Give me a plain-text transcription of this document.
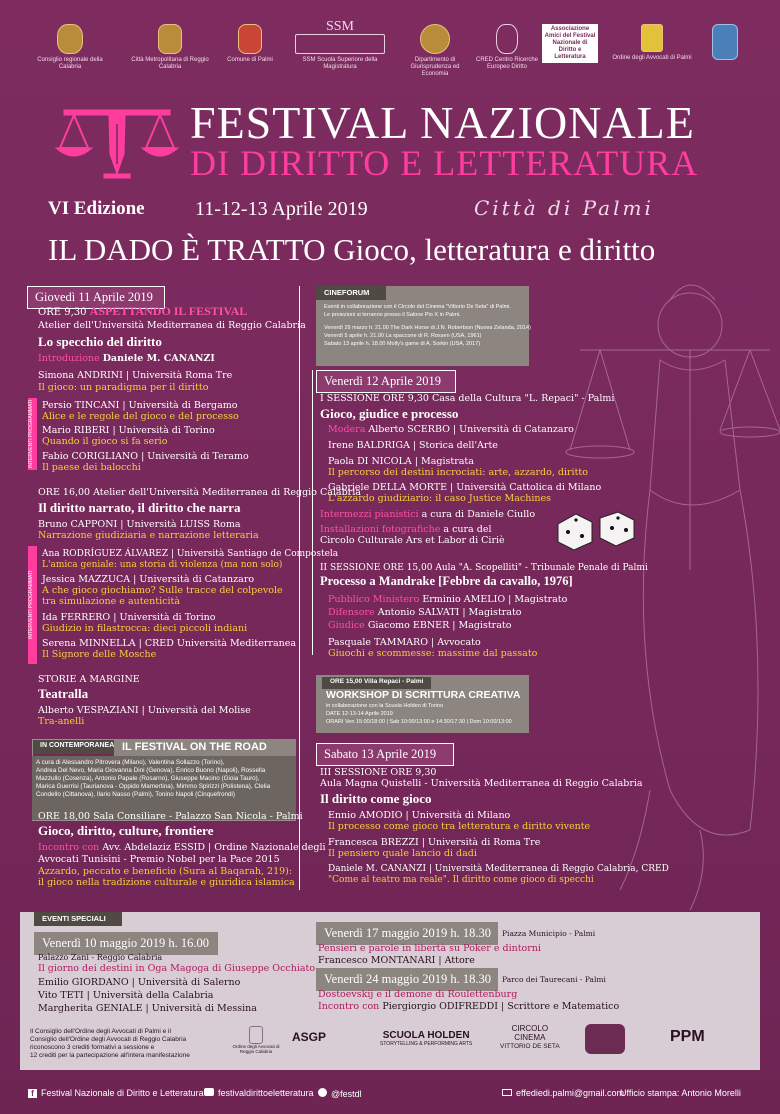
Consiglio regionale della Calabria
Città Metropolitana di Reggio Calabria
Comune di Palmi
SSM
SSM Scuola Superiore della Magistratura
Dipartimento di Giurisprudenza ed Economia
CRED Centro Ricerche Europeo Diritto
Associazione Amici del Festival Nazionale di Diritto e Letteratura	Ordine degli Avvocati di Palmi
FESTIVAL NAZIONALE
DI DIRITTO E LETTERATURA
VI Edizione	11-12-13 Aprile 2019	Città di Palmi
IL DADO È TRATTO Gioco, letteratura e diritto
Giovedì 11 Aprile 2019
ORE 9,30 ASPETTANDO IL FESTIVAL
Atelier dell'Università Mediterranea di Reggio Calabria
Lo specchio del diritto
Introduzione Daniele M. CANANZI
Simona ANDRINI | Università Roma Tre
Il gioco: un paradigma per il diritto
INTERVENTI PROGRAMMATI Persio TINCANI | Università di Bergamo
Alice e le regole del gioco e del processo
Mario RIBERI | Università di Torino
Quando il gioco si fa serio
Fabio CORIGLIANO | Università di Teramo
Il paese dei balocchi
ORE 16,00 Atelier dell'Università Mediterranea di Reggio Calabria
Il diritto narrato, il diritto che narra
Bruno CAPPONI | Università LUISS Roma
Narrazione giudiziaria e narrazione letteraria
INTERVENTI PROGRAMMATI
Ana RODRÍGUEZ ÁLVAREZ | Università Santiago de Compostela
L'amica geniale: una storia di violenza (ma non solo)
Jessica MAZZUCA | Università di Catanzaro
A che gioco giochiamo? Sulle tracce del colpevole
tra simulazione e autenticità
Ida FERRERO | Università di Torino
Giudizio in filastrocca: dieci piccoli indiani
Serena MINNELLA | CRED Università Mediterranea
Il Signore delle Mosche
STORIE A MARGINE
Teatralla
Alberto VESPAZIANI | Università del Molise
Tra-anelli
IN CONTEMPORANEA IL FESTIVAL ON THE ROAD
A cura di Alessandro Pitrovera (Milano), Valentina Sollazzo (Torino),
Andrea Del Nevo, Maria Giovanna Dini (Genova), Enrico Buono (Napoli), Rossella
Mazzullo (Cosenza), Antonio Papale (Rosarno), Giuseppe Macino (Gioia Tauro),
Marica Guerrisi (Taurianova - Oppido Mamertina), Mimmo Spirizzi (Polistena), Clelia
Condello (Cittanova), Ilario Nasso (Palmi), Tonino Napoli (Cinquefrondi)
ORE 18,00 Sala Consiliare - Palazzo San Nicola - Palmi
Gioco, diritto, culture, frontiere
Incontro con Avv. Abdelaziz ESSID | Ordine Nazionale degli
Avvocati Tunisini - Premio Nobel per la Pace 2015
Azzardo, peccato e beneficio (Sura al Baqarah, 219):
il gioco nella tradizione culturale e giuridica islamica
CINEFORUM
Eventi in collaborazione con il Circolo del Cinema "Vittorio De Seta" di Palmi.
Le proiezioni si terranno presso il Salone Pio X in Palmi.
Venerdì 29 marzo h. 21.00 The Dark Horse di J.N. Robertson (Nuova Zelanda, 2014)
Venerdì 5 aprile h. 21.00 La spaccone di R. Rossen (USA, 1961)
Sabato 13 aprile h. 18.00 Molly's game di A. Sorkin (USA, 2017)
Venerdì 12 Aprile 2019
I SESSIONE ORE 9,30 Casa della Cultura "L. Repaci" - Palmi
Gioco, giudice e processo
Modera Alberto SCERBO | Università di Catanzaro
Irene BALDRIGA | Storica dell'Arte
Paola DI NICOLA | Magistrata
Il percorso dei destini incrociati: arte, azzardo, diritto
Gabriele DELLA MORTE | Università Cattolica di Milano
L'azzardo giudiziario: il caso Justice Machines
Intermezzi pianistici a cura di Daniele Ciullo
Installazioni fotografiche a cura del
Circolo Culturale Ars et Labor di Ciriè
II SESSIONE ORE 15,00 Aula "A. Scopelliti" - Tribunale Penale di Palmi
Processo a Mandrake [Febbre da cavallo, 1976]
Pubblico Ministero Erminio AMELIO | Magistrato
Difensore Antonio SALVATI | Magistrato
Giudice Giacomo EBNER | Magistrato
Pasquale TAMMARO | Avvocato
Giuochi e scommesse: massime dal passato
ORE 15,00 Villa Repaci - Palmi
WORKSHOP DI SCRITTURA CREATIVA
in collaborazione con la Scuola Holden di Torino
DATE 12-13-14 Aprile 2019
ORARI Ven 15:00/18:00 | Sab 10:00/13:00 e 14:30/17:30 | Dom 10:00/13:00
Sabato 13 Aprile 2019
III SESSIONE ORE 9,30
Aula Magna Quistelli - Università Mediterranea di Reggio Calabria
Il diritto come gioco
Ennio AMODIO | Università di Milano
Il processo come gioco tra letteratura e diritto vivente
Francesca BREZZI | Università di Roma Tre
Il pensiero quale lancio di dadi
Daniele M. CANANZI | Università Mediterranea di Reggio Calabria, CRED
"Come al teatro ma reale". Il diritto come gioco di specchi
EVENTI SPECIALI
Venerdì 10 maggio 2019 h. 16.00
Palazzo Zani - Reggio Calabria
Il giorno dei destini in Oga Magoga di Giuseppe Occhiato
Emilio GIORDANO | Università di Salerno
Vito TETI | Università della Calabria
Margherita GENIALE | Università di Messina
Venerdì 17 maggio 2019 h. 18.30	Piazza Municipio - Palmi
Pensieri e parole in libertà su Poker e dintorni
Francesco MONTANARI | Attore
Venerdì 24 maggio 2019 h. 18.30	Parco dei Taurecani - Palmi
Dostoevskij e il demone di Roulettenburg
Incontro con Piergiorgio ODIFREDDI | Scrittore e Matematico
Il Consiglio dell'Ordine degli Avvocati di Palmi e il
Consiglio dell'Ordine degli Avvocati di Reggio Calabria
riconoscono 3 crediti formativi a sessione e
12 crediti per la partecipazione all'intera manifestazione
Ordine degli Avvocati di Reggio Calabria
ASGP	SCUOLA HOLDEN
STORYTELLING & PERFORMING ARTS
CIRCOLO
CINEMA
VITTORIO DE SETA
PPM
f Festival Nazionale di Diritto e Letteratura	festivaldirittoeletteratura	@festdl	effediedi.palmi@gmail.com
Ufficio stampa: Antonio Morelli
